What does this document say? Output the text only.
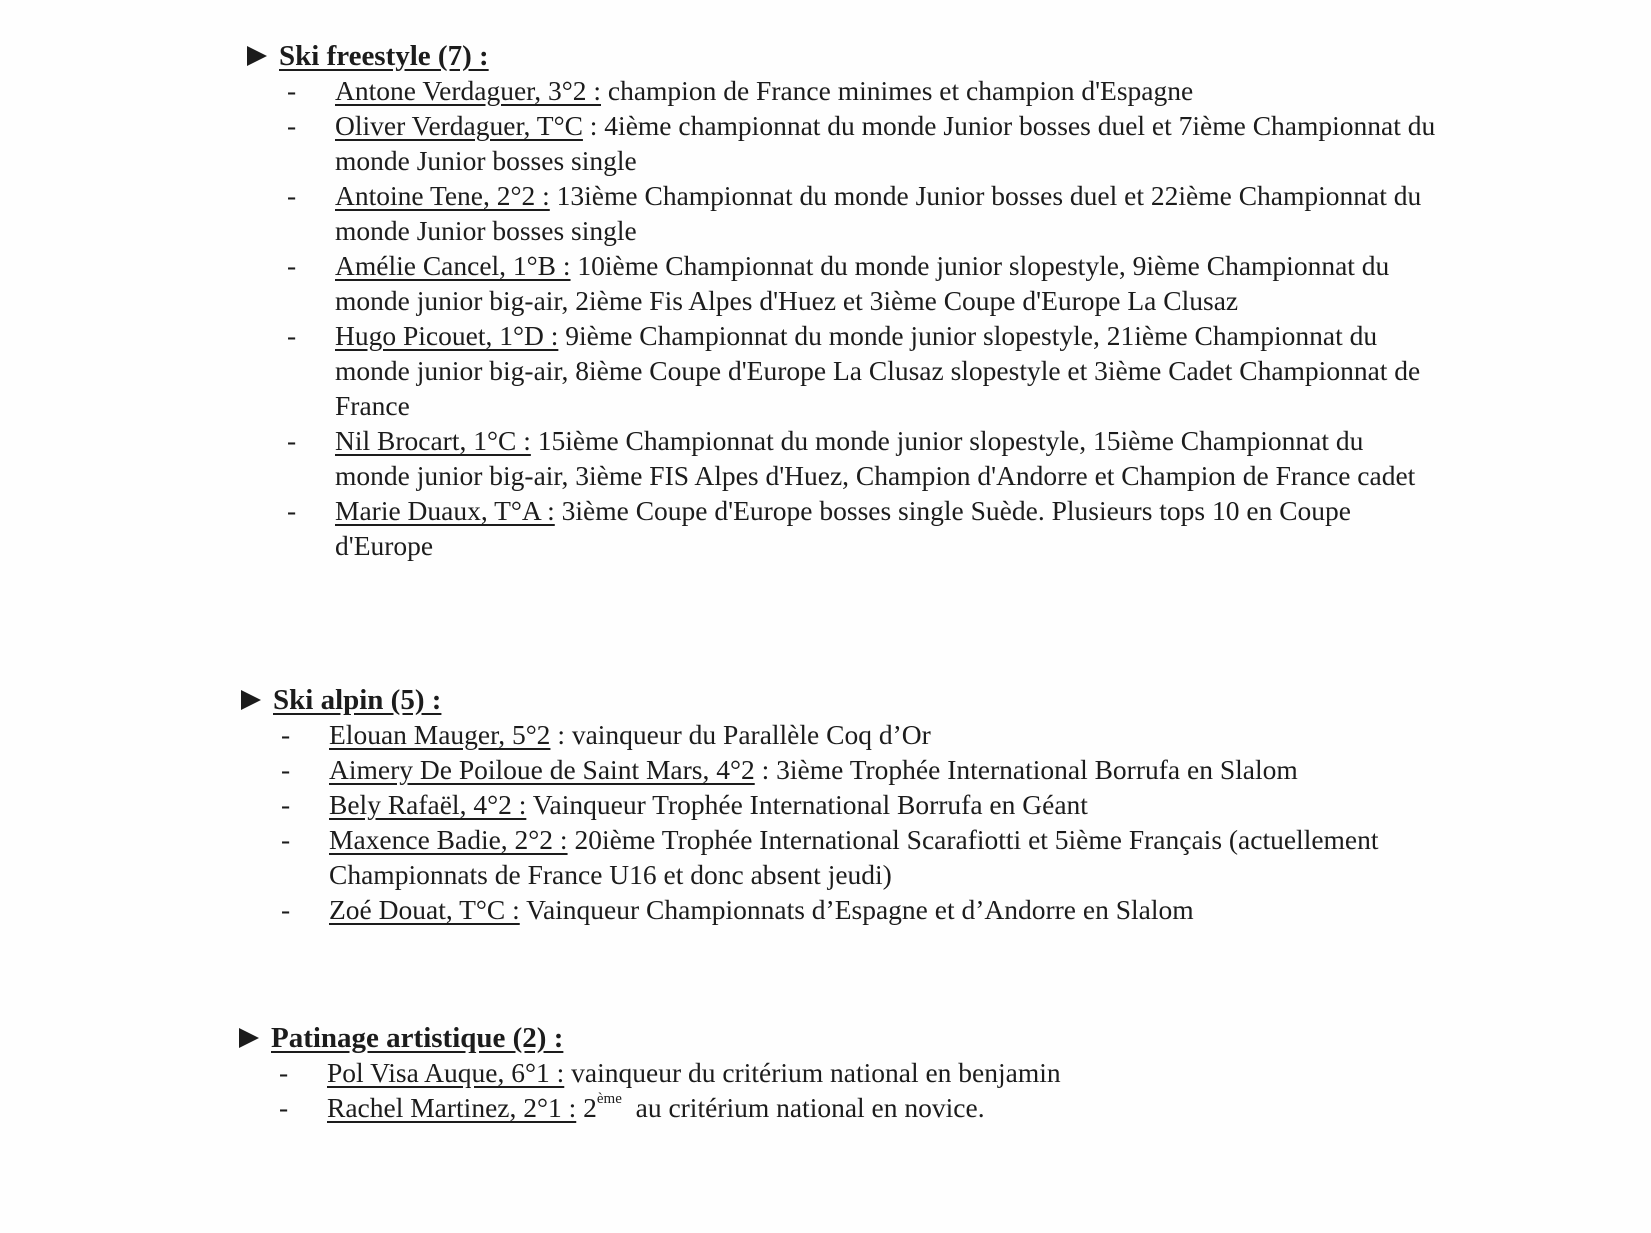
Ski freestyle (7) :
- Antone Verdaguer, 3°2 : champion de France minimes et champion d'Espagne
- Oliver Verdaguer, T°C : 4ième championnat du monde Junior bosses duel et 7ième Championnat du monde Junior bosses single
- Antoine Tene, 2°2 : 13ième Championnat du monde Junior bosses duel et 22ième Championnat du monde Junior bosses single
- Amélie Cancel, 1°B : 10ième Championnat du monde junior slopestyle, 9ième Championnat du monde junior big-air, 2ième Fis Alpes d'Huez et 3ième Coupe d'Europe La Clusaz
- Hugo Picouet, 1°D : 9ième Championnat du monde junior slopestyle, 21ième Championnat du monde junior big-air, 8ième Coupe d'Europe La Clusaz slopestyle et 3ième Cadet Championnat de France
- Nil Brocart, 1°C : 15ième Championnat du monde junior slopestyle, 15ième Championnat du monde junior big-air, 3ième FIS Alpes d'Huez, Champion d'Andorre et Champion de France cadet
- Marie Duaux, T°A : 3ième Coupe d'Europe bosses single Suède. Plusieurs tops 10 en Coupe d'Europe
Ski alpin (5) :
- Elouan Mauger, 5°2 : vainqueur du Parallèle Coq d’Or
- Aimery De Poiloue de Saint Mars, 4°2 : 3ième Trophée International Borrufa en Slalom
- Bely Rafaël, 4°2 : Vainqueur Trophée International Borrufa en Géant
- Maxence Badie, 2°2 : 20ième Trophée International Scarafiotti et 5ième Français (actuellement Championnats de France U16 et donc absent jeudi)
- Zoé Douat, T°C : Vainqueur Championnats d’Espagne et d’Andorre en Slalom
Patinage artistique (2) :
- Pol Visa Auque, 6°1 : vainqueur du critérium national en benjamin
- Rachel Martinez, 2°1 : 2ème au critérium national en novice.
